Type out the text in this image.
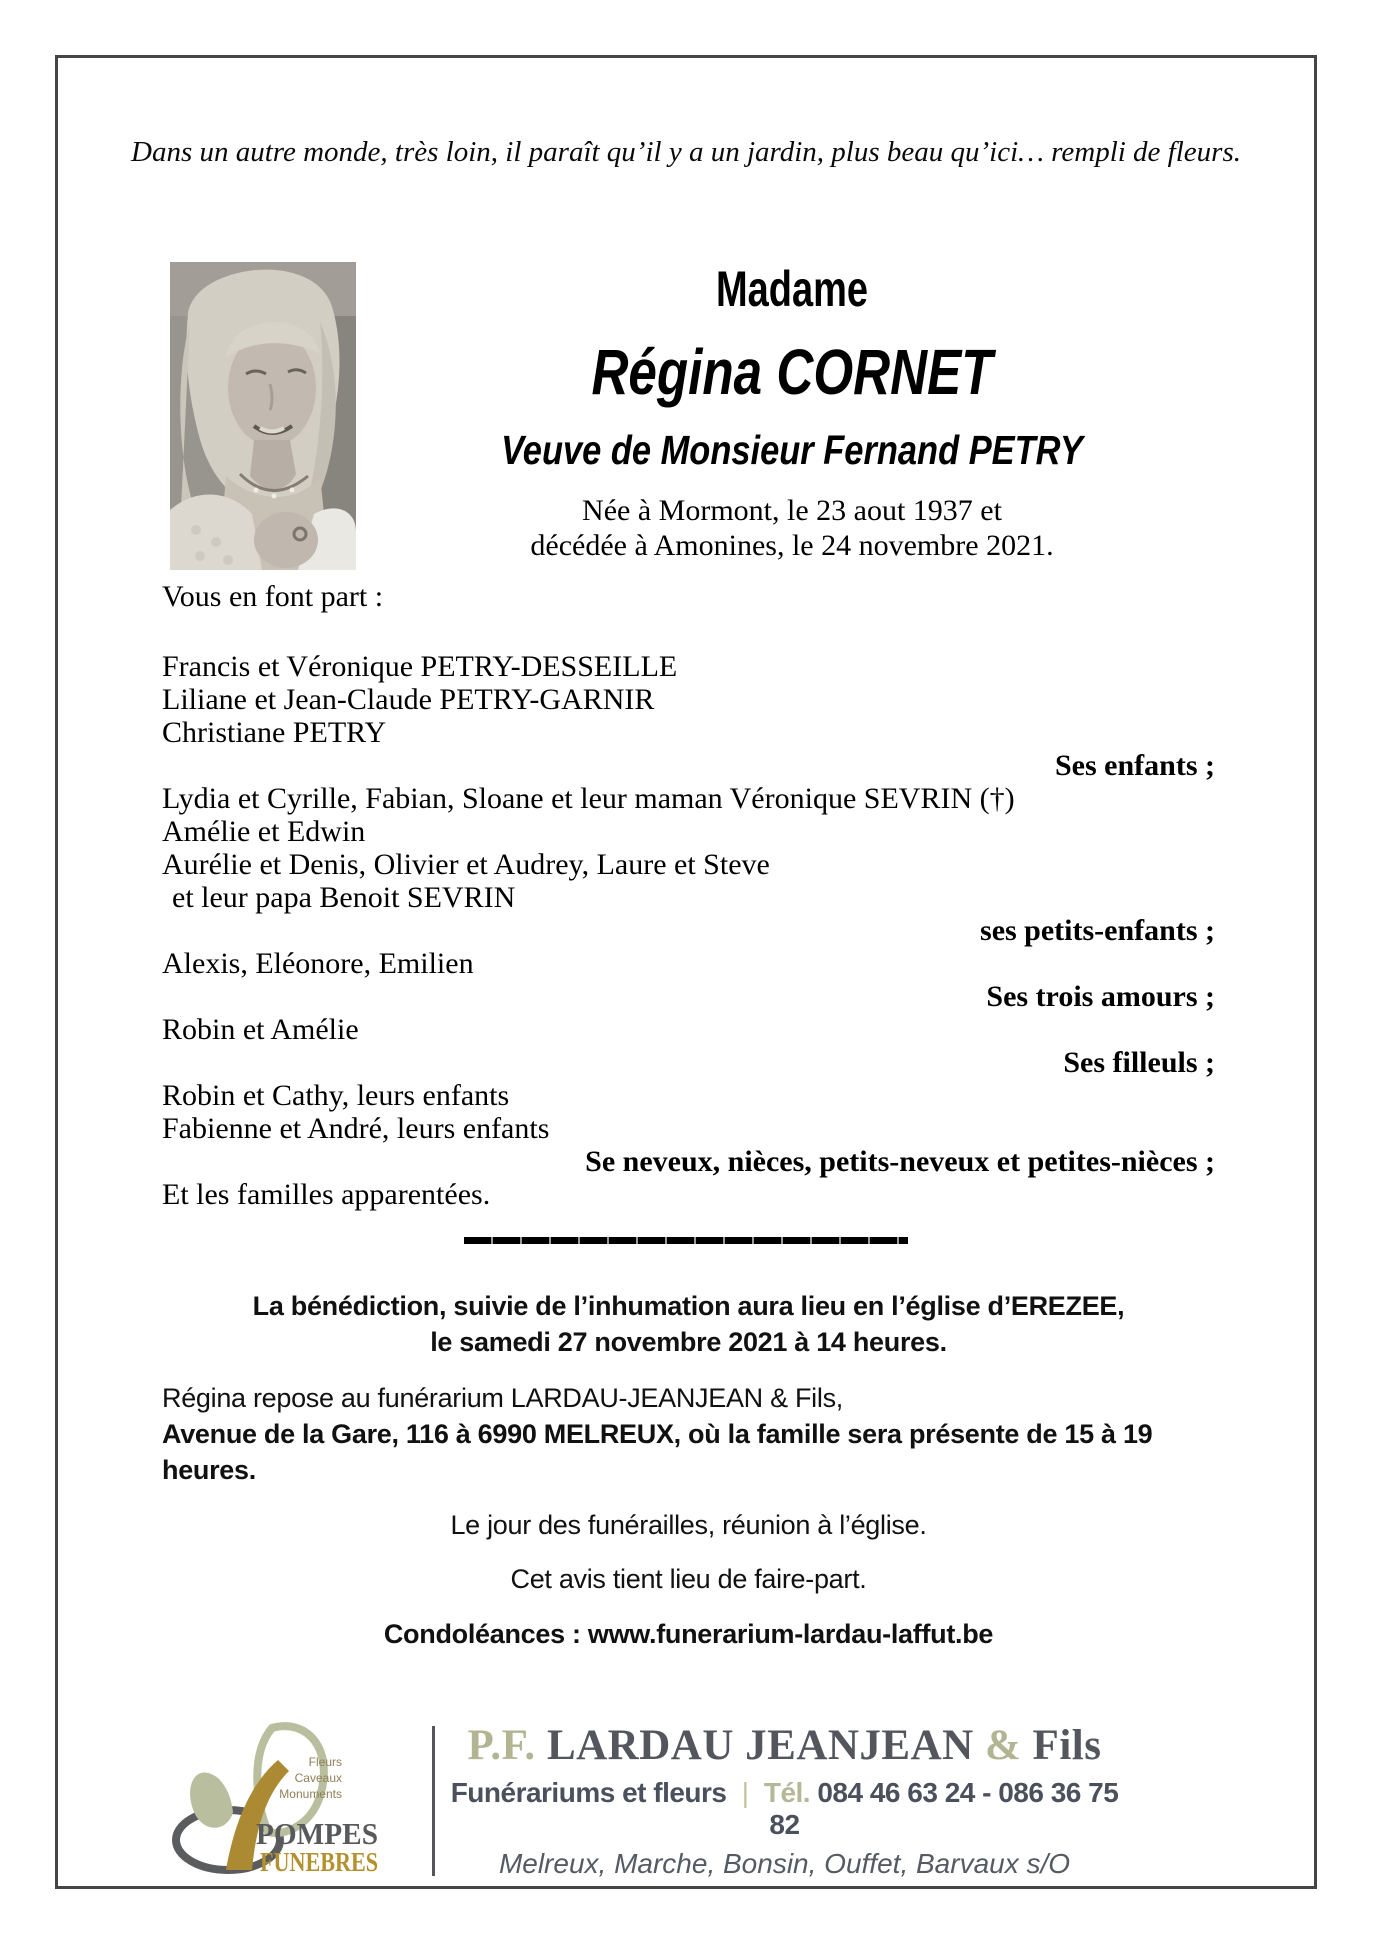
Dans un autre monde, très loin, il paraît qu’il y a un jardin, plus beau qu’ici… rempli de fleurs.

Madame
Régina CORNET
Veuve de Monsieur Fernand PETRY
Née à Mormont, le 23 aout 1937 et
décédée à Amonines, le 24 novembre 2021.

Vous en font part :

Francis et Véronique PETRY-DESSEILLE
Liliane et Jean-Claude PETRY-GARNIR
Christiane PETRY
Ses enfants ;
Lydia et Cyrille, Fabian, Sloane et leur maman Véronique SEVRIN (†)
Amélie et Edwin
Aurélie et Denis, Olivier et Audrey, Laure et Steve
et leur papa Benoit SEVRIN
ses petits-enfants ;
Alexis, Eléonore, Emilien
Ses trois amours ;
Robin et Amélie
Ses filleuls ;
Robin et Cathy, leurs enfants
Fabienne et André, leurs enfants
Se neveux, nièces, petits-neveux et petites-nièces ;
Et les familles apparentées.
La bénédiction, suivie de l’inhumation aura lieu en l’église d’EREZEE,
le samedi 27 novembre 2021 à 14 heures.
Régina repose au funérarium LARDAU-JEANJEAN & Fils,
Avenue de la Gare, 116 à 6990 MELREUX, où la famille sera présente de 15 à 19 heures.
Le jour des funérailles, réunion à l’église.
Cet avis tient lieu de faire-part.
Condoléances : www.funerarium-lardau-laffut.be
Fleurs
Caveaux
Monuments
POMPES
FUNEBRES
P.F. LARDAU JEANJEAN & Fils
Funérariums et fleurs | Tél. 084 46 63 24 - 086 36 75 82
Melreux, Marche, Bonsin, Ouffet, Barvaux s/O
